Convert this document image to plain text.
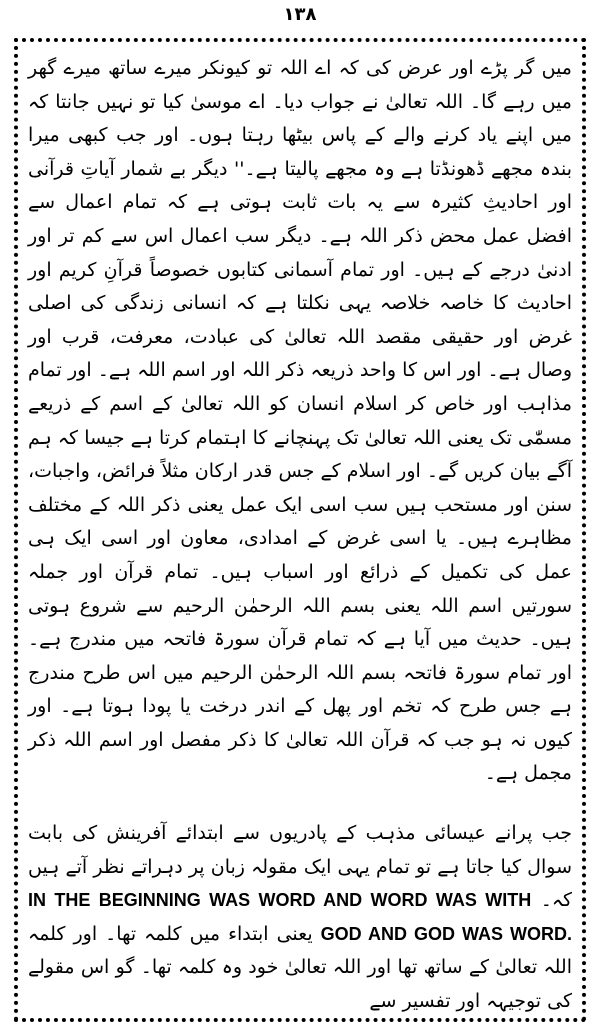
۱۳۸

میں گر پڑے اور عرض کی کہ اے اللہ تو کیونکر میرے ساتھ میرے گھر میں رہے گا۔ اللہ تعالیٰ نے جواب دیا۔ اے موسیٰ کیا تو نہیں جانتا کہ میں اپنے یاد کرنے والے کے پاس بیٹھا رہتا ہوں۔ اور جب کبھی میرا بندہ مجھے ڈھونڈتا ہے وہ مجھے پالیتا ہے۔'' دیگر بے شمار آیاتِ قرآنی اور احادیثِ کثیرہ سے یہ بات ثابت ہوتی ہے کہ تمام اعمال سے افضل عمل محض ذکر اللہ ہے۔ دیگر سب اعمال اس سے کم تر اور ادنیٰ درجے کے ہیں۔ اور تمام آسمانی کتابوں خصوصاً قرآنِ کریم اور احادیث کا خاصہ خلاصہ یہی نکلتا ہے کہ انسانی زندگی کی اصلی غرض اور حقیقی مقصد اللہ تعالیٰ کی عبادت، معرفت، قرب اور وصال ہے۔ اور اس کا واحد ذریعہ ذکر اللہ اور اسم اللہ ہے۔ اور تمام مذاہب اور خاص کر اسلام انسان کو اللہ تعالیٰ کے اسم کے ذریعے مسمّٰی تک یعنی اللہ تعالیٰ تک پہنچانے کا اہتمام کرتا ہے جیسا کہ ہم آگے بیان کریں گے۔ اور اسلام کے جس قدر ارکان مثلاً فرائض، واجبات، سنن اور مستحب ہیں سب اسی ایک عمل یعنی ذکر اللہ کے مختلف مظاہرے ہیں۔ یا اسی غرض کے امدادی، معاون اور اسی ایک ہی عمل کی تکمیل کے ذرائع اور اسباب ہیں۔ تمام قرآن اور جملہ سورتیں اسم اللہ یعنی بسم اللہ الرحمٰن الرحیم سے شروع ہوتی ہیں۔ حدیث میں آیا ہے کہ تمام قرآن سورۃ فاتحہ میں مندرج ہے۔ اور تمام سورۃ فاتحہ بسم اللہ الرحمٰن الرحیم میں اس طرح مندرج ہے جس طرح کہ تخم اور پھل کے اندر درخت یا پودا ہوتا ہے۔ اور کیوں نہ ہو جب کہ قرآن اللہ تعالیٰ کا ذکر مفصل اور اسم اللہ ذکر مجمل ہے۔

جب پرانے عیسائی مذہب کے پادریوں سے ابتدائے آفرینش کی بابت سوال کیا جاتا ہے تو تمام یہی ایک مقولہ زبان پر دہراتے نظر آتے ہیں کہ۔ IN THE BEGINNING WAS WORD AND WORD WAS WITH GOD AND GOD WAS WORD. یعنی ابتداء میں کلمہ تھا۔ اور کلمہ اللہ تعالیٰ کے ساتھ تھا اور اللہ تعالیٰ خود وہ کلمہ تھا۔ گو اس مقولے کی توجیہہ اور تفسیر سے
